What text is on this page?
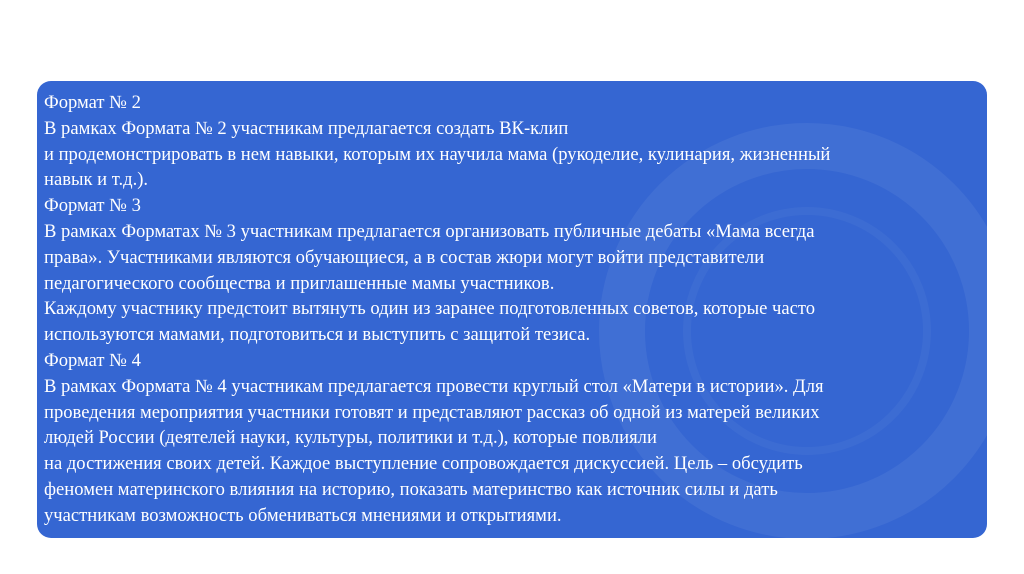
Формат № 2
В рамках Формата № 2 участникам предлагается создать ВК-клип
и продемонстрировать в нем навыки, которым их научила мама (рукоделие, кулинария, жизненный
навык и т.д.).
Формат № 3
В рамках Форматах № 3 участникам предлагается организовать публичные дебаты «Мама всегда
права». Участниками являются обучающиеся, а в состав жюри могут войти представители
педагогического сообщества и приглашенные мамы участников.
Каждому участнику предстоит вытянуть один из заранее подготовленных советов, которые часто
используются мамами, подготовиться и выступить с защитой тезиса.
Формат № 4
В рамках Формата № 4 участникам предлагается провести круглый стол «Матери в истории». Для
проведения мероприятия участники готовят и представляют рассказ об одной из матерей великих
людей России (деятелей науки, культуры, политики и т.д.), которые повлияли
на достижения своих детей. Каждое выступление сопровождается дискуссией. Цель – обсудить
феномен материнского влияния на историю, показать материнство как источник силы и дать
участникам возможность обмениваться мнениями и открытиями.
